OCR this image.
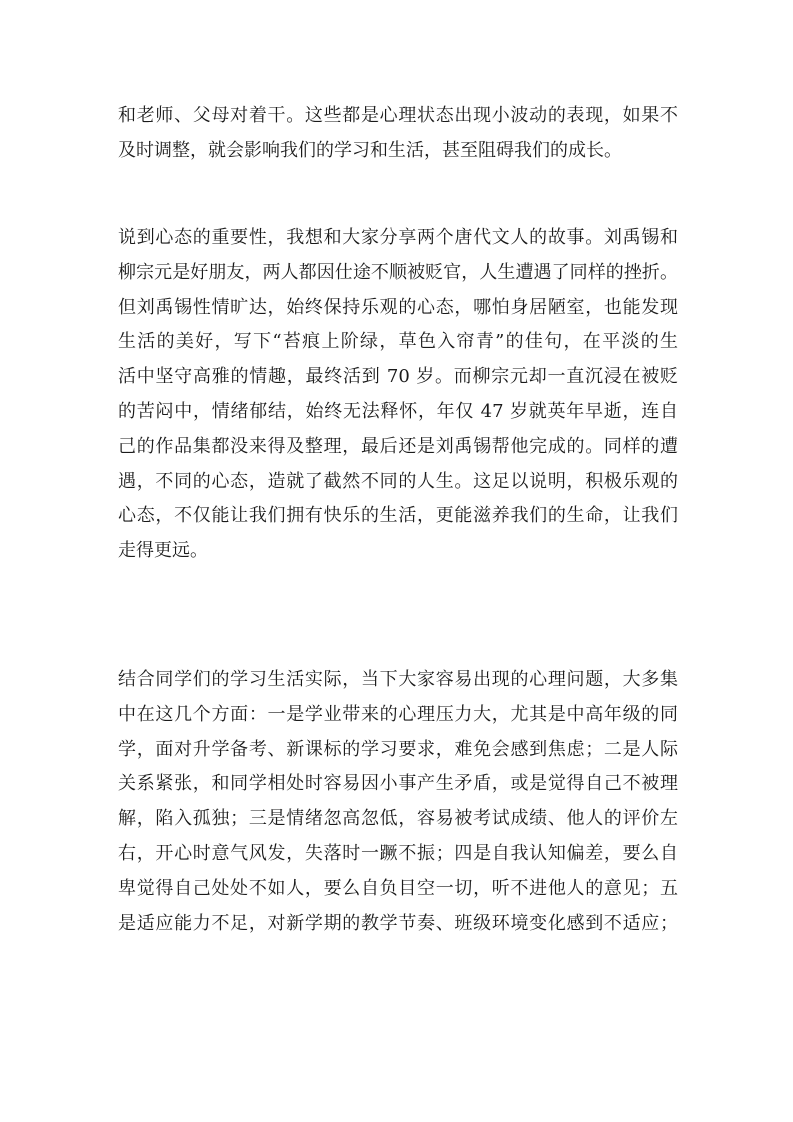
和老师、父母对着干。这些都是心理状态出现小波动的表现，如果不
及时调整，就会影响我们的学习和生活，甚至阻碍我们的成长。

说到心态的重要性，我想和大家分享两个唐代文人的故事。刘禹锡和
柳宗元是好朋友，两人都因仕途不顺被贬官，人生遭遇了同样的挫折。
但刘禹锡性情旷达，始终保持乐观的心态，哪怕身居陋室，也能发现
生活的美好，写下“苔痕上阶绿，草色入帘青”的佳句，在平淡的生
活中坚守高雅的情趣，最终活到 70 岁。而柳宗元却一直沉浸在被贬
的苦闷中，情绪郁结，始终无法释怀，年仅 47 岁就英年早逝，连自
己的作品集都没来得及整理，最后还是刘禹锡帮他完成的。同样的遭
遇，不同的心态，造就了截然不同的人生。这足以说明，积极乐观的
心态，不仅能让我们拥有快乐的生活，更能滋养我们的生命，让我们
走得更远。

结合同学们的学习生活实际，当下大家容易出现的心理问题，大多集
中在这几个方面：一是学业带来的心理压力大，尤其是中高年级的同
学，面对升学备考、新课标的学习要求，难免会感到焦虑；二是人际
关系紧张，和同学相处时容易因小事产生矛盾，或是觉得自己不被理
解，陷入孤独；三是情绪忽高忽低，容易被考试成绩、他人的评价左
右，开心时意气风发，失落时一蹶不振；四是自我认知偏差，要么自
卑觉得自己处处不如人，要么自负目空一切，听不进他人的意见；五
是适应能力不足，对新学期的教学节奏、班级环境变化感到不适应；
